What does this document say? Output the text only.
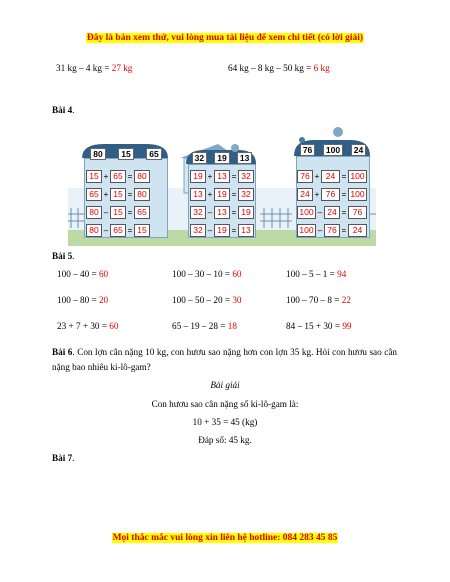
Đây là bản xem thử, vui lòng mua tài liệu để xem chi tiết (có lời giải)
31 kg – 4 kg = 27 kg	64 kg – 8 kg – 50 kg = 6 kg
Bài 4.
80	15	65
15 + 65 = 80
65 + 15 = 80
80 – 15 = 65
80 – 65 = 15
32	19	13
19 + 13 = 32
13 + 19 = 32
32 – 13 = 19
32 – 19 = 13
76	100	24
76 + 24 = 100
24 + 76 = 100
100 – 24 = 76
100 – 76 = 24
Bài 5.
100 – 40 = 60	100 – 30 – 10 = 60	100 – 5 – 1 = 94
100 – 80 = 20	100 – 50 – 20 = 30	100 – 70 – 8 = 22
23 + 7 + 30 = 60	65 – 19 – 28 = 18	84 – 15 + 30 = 99
Bài 6. Con lợn cân nặng 10 kg, con hươu sao nặng hơn con lợn 35 kg. Hỏi con hươu sao cân nặng bao nhiêu ki-lô-gam?
Bài giải
Con hươu sao cân nặng số ki-lô-gam là:
10 + 35 = 45 (kg)
Đáp số: 45 kg.
Bài 7.
Mọi thắc mắc vui lòng xin liên hệ hotline: 084 283 45 85
